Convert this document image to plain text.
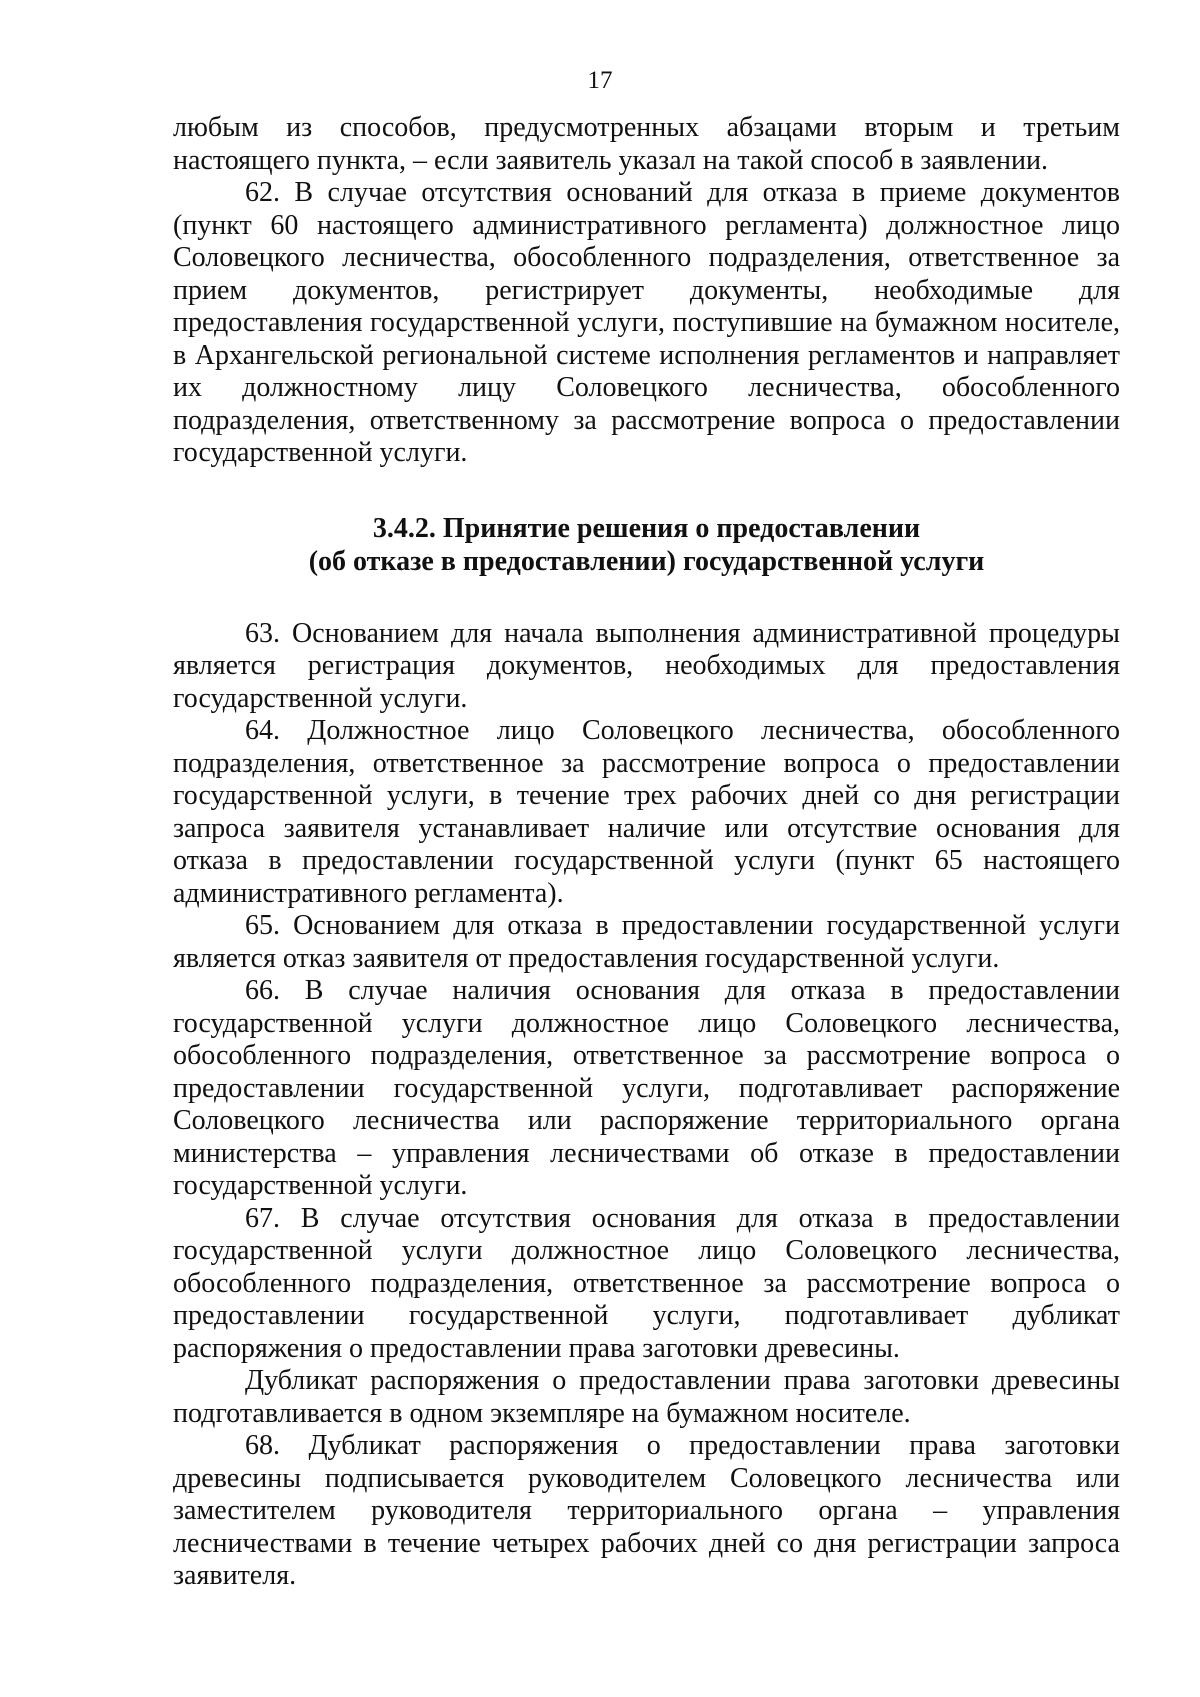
17

любым из способов, предусмотренных абзацами вторым и третьим настоящего пункта, – если заявитель указал на такой способ в заявлении.

62. В случае отсутствия оснований для отказа в приеме документов (пункт 60 настоящего административного регламента) должностное лицо Соловецкого лесничества, обособленного подразделения, ответственное за прием документов, регистрирует документы, необходимые для предоставления государственной услуги, поступившие на бумажном носителе, в Архангельской региональной системе исполнения регламентов и направляет их должностному лицу Соловецкого лесничества, обособленного подразделения, ответственному за рассмотрение вопроса о предоставлении государственной услуги.

3.4.2. Принятие решения о предоставлении
(об отказе в предоставлении) государственной услуги

63. Основанием для начала выполнения административной процедуры является регистрация документов, необходимых для предоставления государственной услуги.

64. Должностное лицо Соловецкого лесничества, обособленного подразделения, ответственное за рассмотрение вопроса о предоставлении государственной услуги, в течение трех рабочих дней со дня регистрации запроса заявителя устанавливает наличие или отсутствие основания для отказа в предоставлении государственной услуги (пункт 65 настоящего административного регламента).

65. Основанием для отказа в предоставлении государственной услуги является отказ заявителя от предоставления государственной услуги.

66. В случае наличия основания для отказа в предоставлении государственной услуги должностное лицо Соловецкого лесничества, обособленного подразделения, ответственное за рассмотрение вопроса о предоставлении государственной услуги, подготавливает распоряжение Соловецкого лесничества или распоряжение территориального органа министерства – управления лесничествами об отказе в предоставлении государственной услуги.

67. В случае отсутствия основания для отказа в предоставлении государственной услуги должностное лицо Соловецкого лесничества, обособленного подразделения, ответственное за рассмотрение вопроса о предоставлении государственной услуги, подготавливает дубликат распоряжения о предоставлении права заготовки древесины.

Дубликат распоряжения о предоставлении права заготовки древесины подготавливается в одном экземпляре на бумажном носителе.

68. Дубликат распоряжения о предоставлении права заготовки древесины подписывается руководителем Соловецкого лесничества или заместителем руководителя территориального органа – управления лесничествами в течение четырех рабочих дней со дня регистрации запроса заявителя.
